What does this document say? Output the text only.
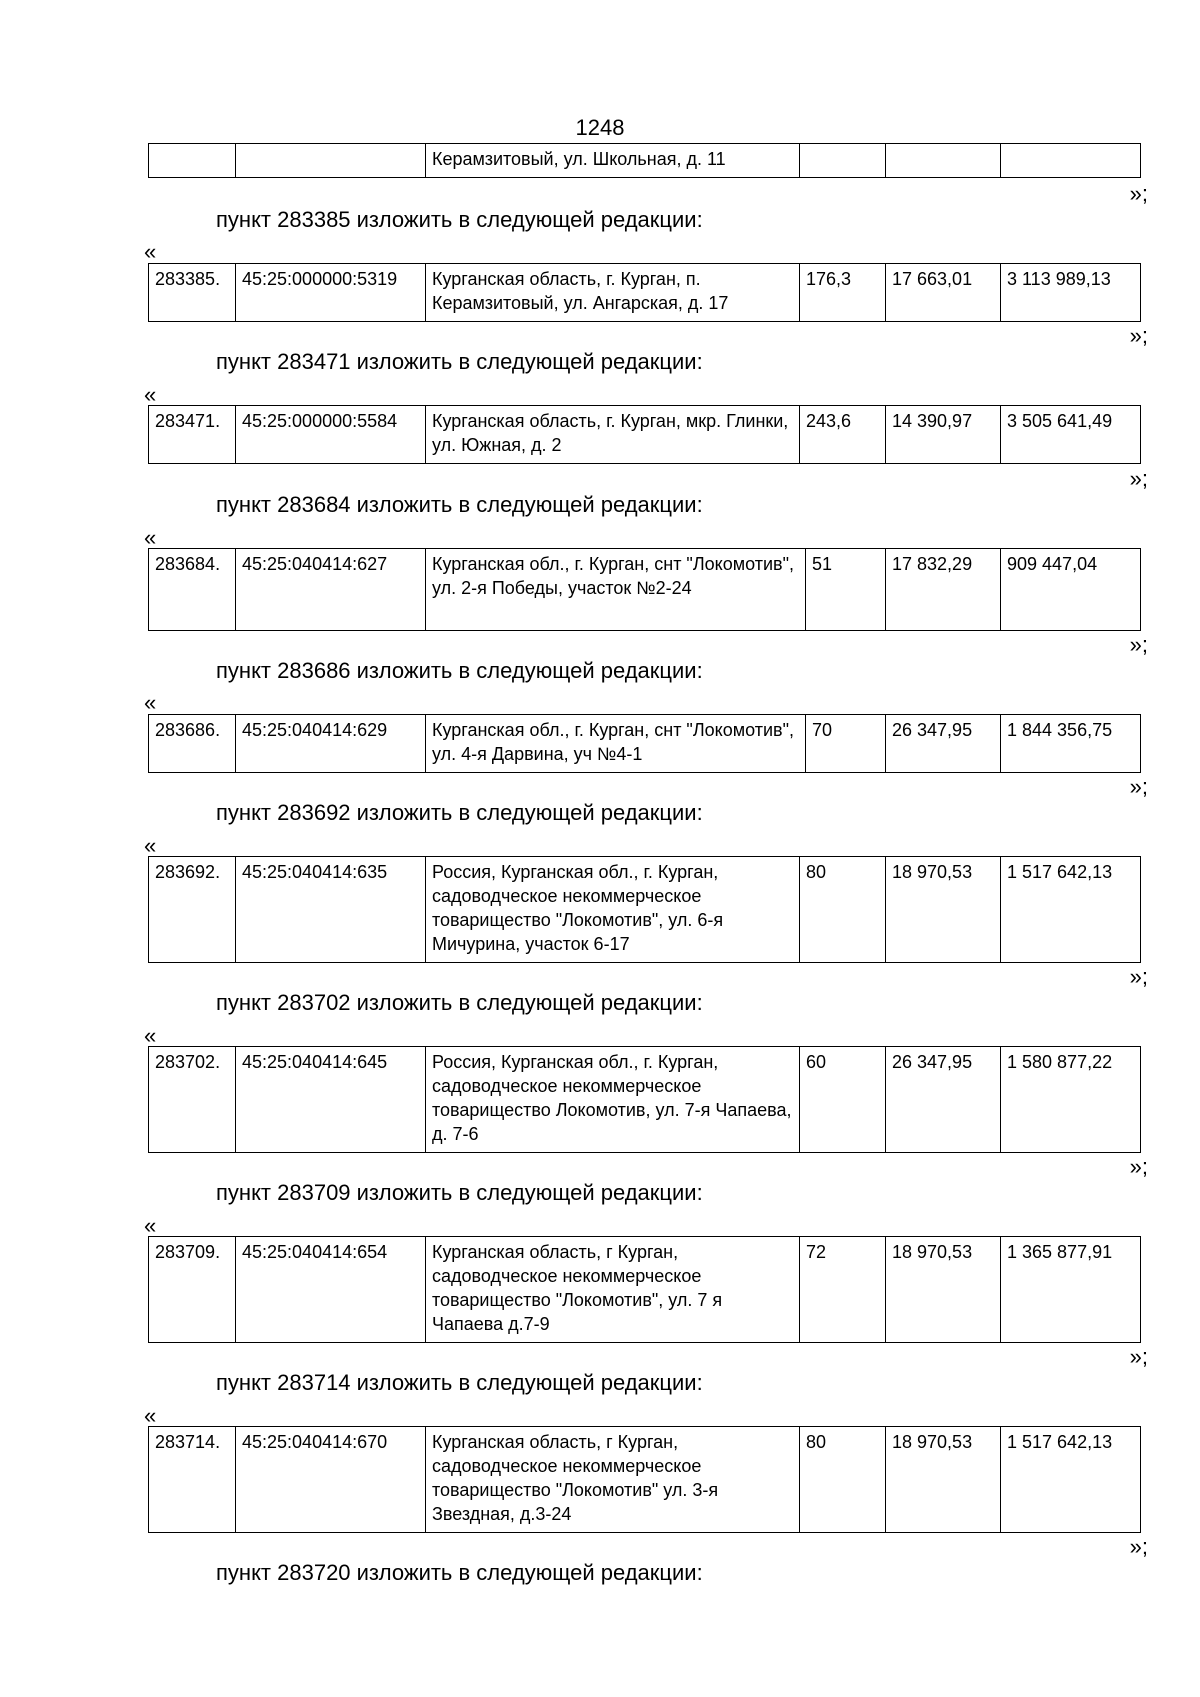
1248
		Керамзитовый, ул. Школьная, д. 11			
»;
пункт 283385 изложить в следующей редакции:
«
283385.	45:25:000000:5319	Курганская область, г. Курган, п. Керамзитовый, ул. Ангарская, д. 17	176,3	17 663,01	3 113 989,13
»;
пункт 283471 изложить в следующей редакции:
«
283471.	45:25:000000:5584	Курганская область, г. Курган, мкр. Глинки, ул. Южная, д. 2	243,6	14 390,97	3 505 641,49
»;
пункт 283684 изложить в следующей редакции:
«
283684.	45:25:040414:627	Курганская обл., г. Курган, снт "Локомотив", ул. 2-я Победы, участок №2-24	51	17 832,29	909 447,04
»;
пункт 283686 изложить в следующей редакции:
«
283686.	45:25:040414:629	Курганская обл., г. Курган, снт "Локомотив", ул. 4-я Дарвина, уч №4-1	70	26 347,95	1 844 356,75
»;
пункт 283692 изложить в следующей редакции:
«
283692.	45:25:040414:635	Россия, Курганская обл., г. Курган, садоводческое некоммерческое товарищество "Локомотив", ул. 6-я Мичурина, участок 6-17	80	18 970,53	1 517 642,13
»;
пункт 283702 изложить в следующей редакции:
«
283702.	45:25:040414:645	Россия, Курганская обл., г. Курган, садоводческое некоммерческое товарищество Локомотив, ул. 7-я Чапаева, д. 7-6	60	26 347,95	1 580 877,22
»;
пункт 283709 изложить в следующей редакции:
«
283709.	45:25:040414:654	Курганская область, г Курган, садоводческое некоммерческое товарищество "Локомотив", ул. 7 я Чапаева д.7-9	72	18 970,53	1 365 877,91
»;
пункт 283714 изложить в следующей редакции:
«
283714.	45:25:040414:670	Курганская область, г Курган, садоводческое некоммерческое товарищество "Локомотив" ул. 3-я Звездная, д.3-24	80	18 970,53	1 517 642,13
»;
пункт 283720 изложить в следующей редакции:
